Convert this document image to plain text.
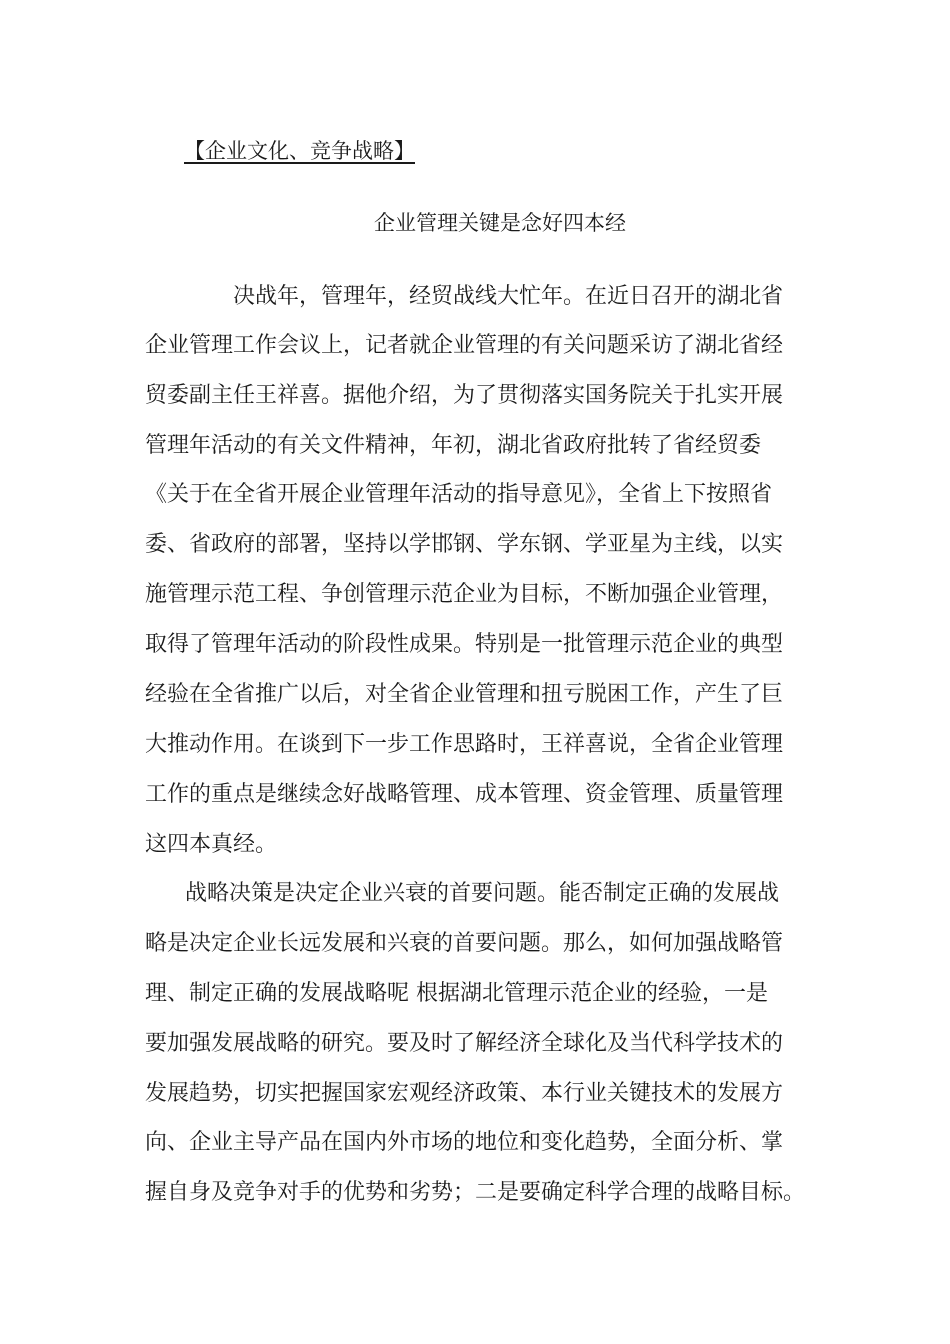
【企业文化、竞争战略】
企业管理关键是念好四本经
决战年，管理年，经贸战线大忙年。在近日召开的湖北省
企业管理工作会议上，记者就企业管理的有关问题采访了湖北省经
贸委副主任王祥喜。据他介绍，为了贯彻落实国务院关于扎实开展
管理年活动的有关文件精神，年初，湖北省政府批转了省经贸委
《关于在全省开展企业管理年活动的指导意见》，全省上下按照省
委、省政府的部署，坚持以学邯钢、学东钢、学亚星为主线，以实
施管理示范工程、争创管理示范企业为目标，不断加强企业管理，
取得了管理年活动的阶段性成果。特别是一批管理示范企业的典型
经验在全省推广以后，对全省企业管理和扭亏脱困工作，产生了巨
大推动作用。在谈到下一步工作思路时，王祥喜说，全省企业管理
工作的重点是继续念好战略管理、成本管理、资金管理、质量管理
这四本真经。
战略决策是决定企业兴衰的首要问题。能否制定正确的发展战
略是决定企业长远发展和兴衰的首要问题。那么，如何加强战略管
理、制定正确的发展战略呢 根据湖北管理示范企业的经验，一是
要加强发展战略的研究。要及时了解经济全球化及当代科学技术的
发展趋势，切实把握国家宏观经济政策、本行业关键技术的发展方
向、企业主导产品在国内外市场的地位和变化趋势，全面分析、掌
握自身及竞争对手的优势和劣势；二是要确定科学合理的战略目标。
